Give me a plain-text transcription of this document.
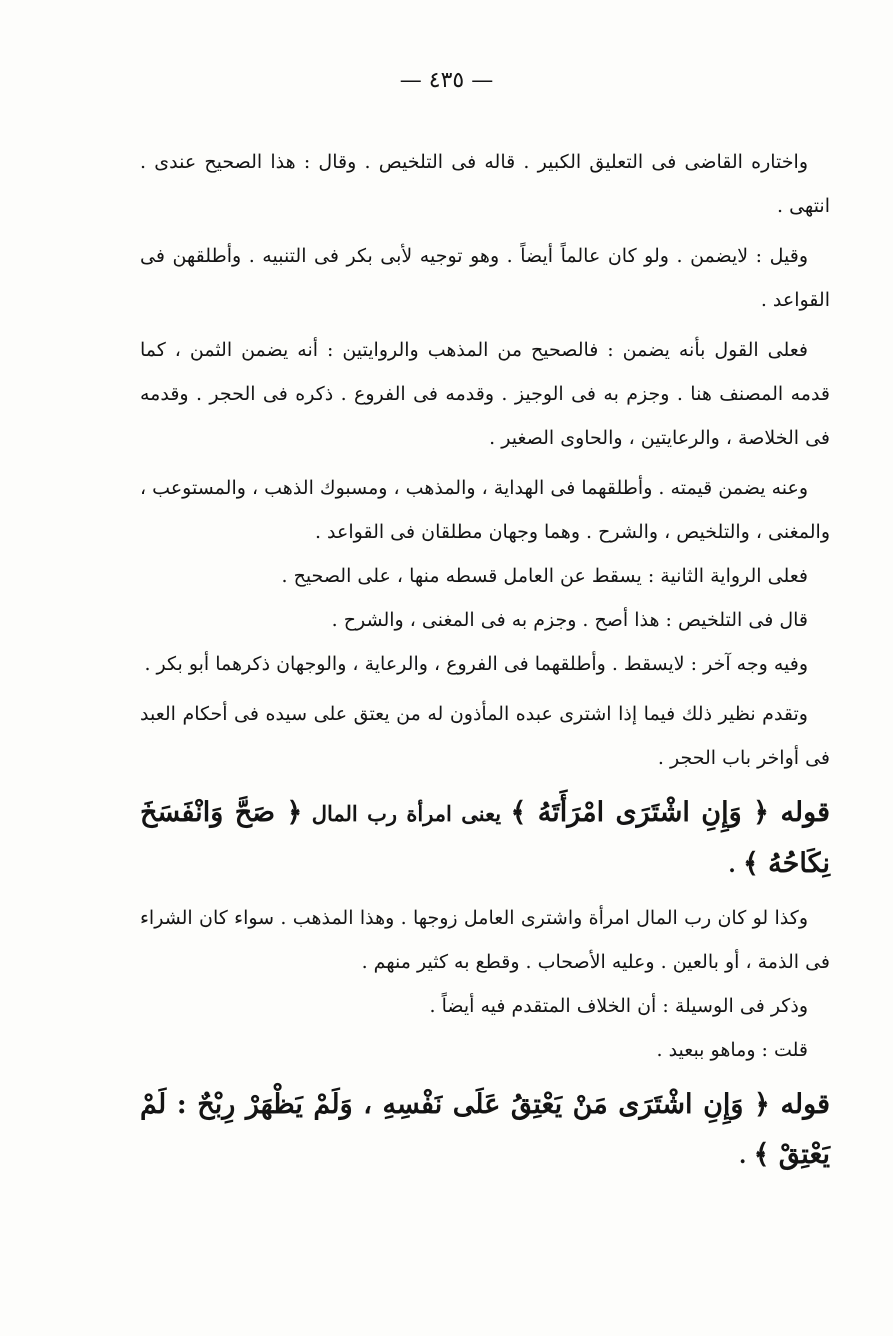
— ٤٣٥ —

واختاره القاضى فى التعليق الكبير . قاله فى التلخيص . وقال : هذا الصحيح عندى . انتهى .

وقيل : لايضمن . ولو كان عالماً أيضاً . وهو توجيه لأبى بكر فى التنبيه . وأطلقهن فى القواعد .

فعلى القول بأنه يضمن : فالصحيح من المذهب والروايتين : أنه يضمن الثمن ، كما قدمه المصنف هنا . وجزم به فى الوجيز . وقدمه فى الفروع . ذكره فى الحجر . وقدمه فى الخلاصة ، والرعايتين ، والحاوى الصغير .

وعنه يضمن قيمته . وأطلقهما فى الهداية ، والمذهب ، ومسبوك الذهب ، والمستوعب ، والمغنى ، والتلخيص ، والشرح . وهما وجهان مطلقان فى القواعد .

فعلى الرواية الثانية : يسقط عن العامل قسطه منها ، على الصحيح .

قال فى التلخيص : هذا أصح . وجزم به فى المغنى ، والشرح .

وفيه وجه آخر : لايسقط . وأطلقهما فى الفروع ، والرعاية ، والوجهان ذكرهما أبو بكر .

وتقدم نظير ذلك فيما إذا اشترى عبده المأذون له من يعتق على سيده فى أحكام العبد فى أواخر باب الحجر .

قوله ﴿ وَإِنِ اشْتَرَى امْرَأَتَهُ ﴾ يعنى امرأة رب المال ﴿ صَحَّ وَانْفَسَخَ نِكَاحُهُ ﴾ .

وكذا لو كان رب المال امرأة واشترى العامل زوجها . وهذا المذهب . سواء كان الشراء فى الذمة ، أو بالعين . وعليه الأصحاب . وقطع به كثير منهم .

وذكر فى الوسيلة : أن الخلاف المتقدم فيه أيضاً .

قلت : وماهو ببعيد .

قوله ﴿ وَإِنِ اشْتَرَى مَنْ يَعْتِقُ عَلَى نَفْسِهِ ، وَلَمْ يَظْهَرْ رِبْحٌ : لَمْ يَعْتِقْ ﴾ .
